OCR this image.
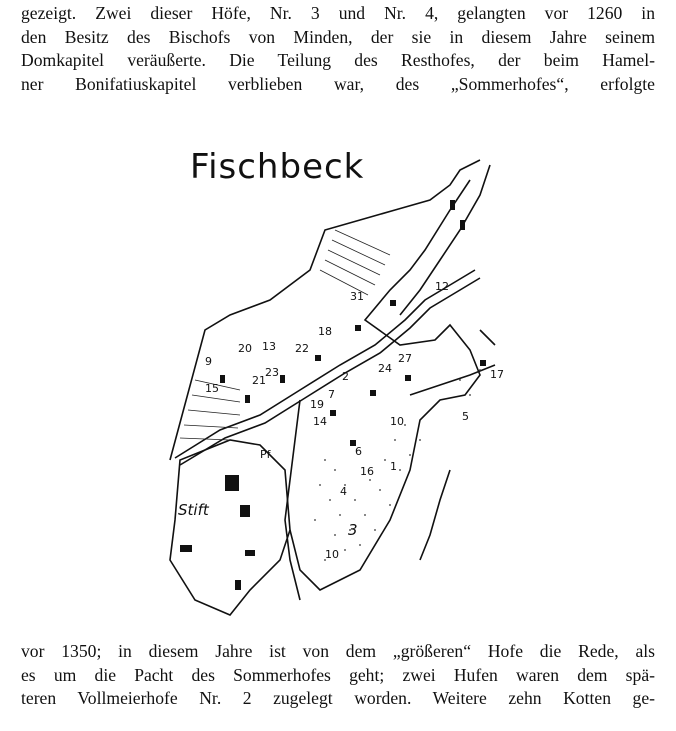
gezeigt. Zwei dieser Höfe, Nr. 3 und Nr. 4, gelangten vor 1260 in
den Besitz des Bischofs von Minden, der sie in diesem Jahre seinem
Domkapitel veräußerte. Die Teilung des Resthofes, der beim Hamel-
ner Bonifatiuskapitel verblieben war, des „Sommerhofes“, erfolgte
Fischbeck
31
12
18
22
20 13
9
23
21
15
2
27
24	17
5
10
19
7
14
6
16 1
4
3
10
Stift
Pf
vor 1350; in diesem Jahre ist von dem „größeren“ Hofe die Rede, als
es um die Pacht des Sommerhofes geht; zwei Hufen waren dem spä-
teren Vollmeierhofe Nr. 2 zugelegt worden. Weitere zehn Kotten ge-
